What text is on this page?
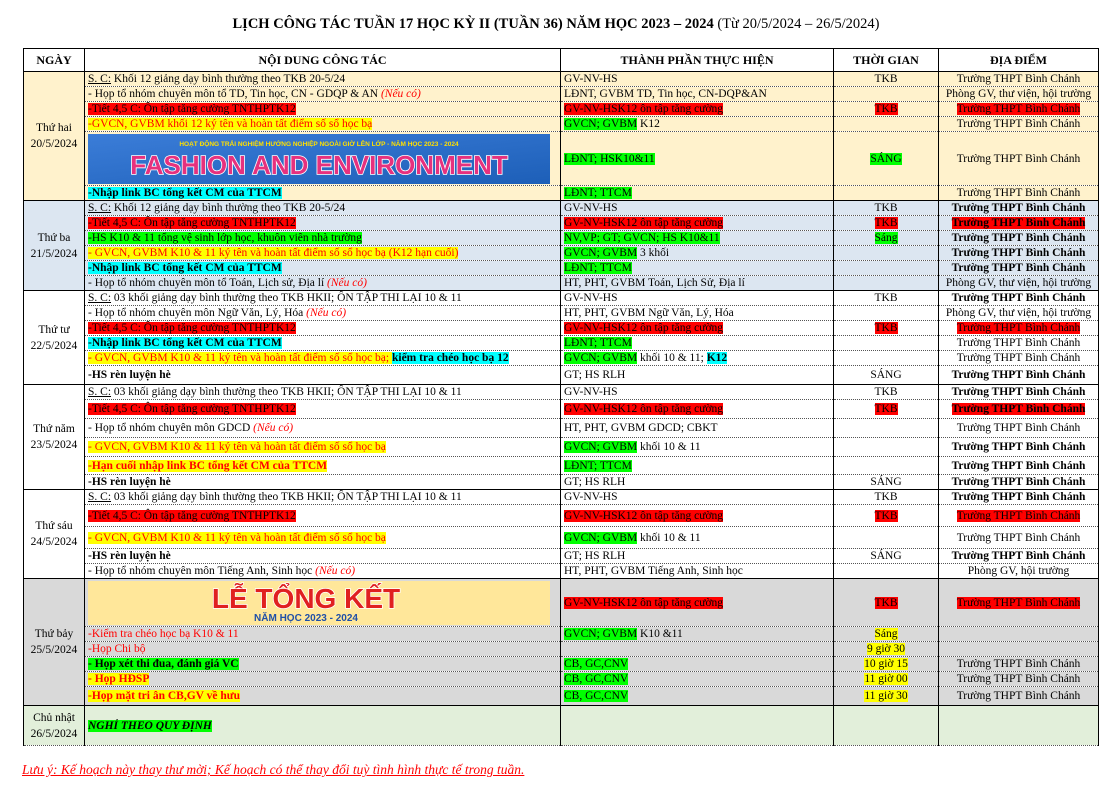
LỊCH CÔNG TÁC TUẦN 17 HỌC KỲ II (TUẦN 36) NĂM HỌC 2023 – 2024 (Từ 20/5/2024 – 26/5/2024)
NGÀY	NỘI DUNG CÔNG TÁC	THÀNH PHẦN THỰC HIỆN	THỜI GIAN	ĐỊA ĐIỂM
Thứ hai
20/5/2024	S. C: Khối 12 giảng dạy bình thường theo TKB 20-5/24	GV-NV-HS	TKB	Trường THPT Bình Chánh
	- Họp tổ nhóm chuyên môn tổ TD, Tin học, CN - GDQP & AN (Nếu có)	LĐNT, GVBM TD, Tin học, CN-DQP&AN		Phòng GV, thư viện, hội trường
	-Tiết 4,5 C: Ôn tập tăng cường TNTHPTK12	GV-NV-HSK12 ôn tập tăng cường	TKB	Trường THPT Bình Chánh
	-GVCN, GVBM khối 12 ký tên và hoàn tất điểm số sổ học bạ	GVCN; GVBM K12		Trường THPT Bình Chánh

HOẠT ĐỘNG TRẢI NGHIỆM HƯỚNG NGHIỆP NGOÀI GIỜ LÊN LỚP - NĂM HỌC 2023 - 2024
FASHION AND ENVIRONMENT	LĐNT; HSK10&11	SÁNG	Trường THPT Bình Chánh
	-Nhập link BC tổng kết CM của TTCM	LĐNT; TTCM		Trường THPT Bình Chánh
Thứ ba
21/5/2024	S. C: Khối 12 giảng dạy bình thường theo TKB 20-5/24	GV-NV-HS	TKB	Trường THPT Bình Chánh
	-Tiết 4,5 C: Ôn tập tăng cường TNTHPTK12	GV-NV-HSK12 ôn tập tăng cường	TKB	Trường THPT Bình Chánh
	-HS K10 & 11 tổng vệ sinh lớp học, khuôn viên nhà trường	NV,VP; GT; GVCN; HS K10&11	Sáng	Trường THPT Bình Chánh
	- GVCN, GVBM K10 & 11 ký tên và hoàn tất điểm số sổ học bạ (K12 hạn cuối)	GVCN; GVBM 3 khối		Trường THPT Bình Chánh
	-Nhập link BC tổng kết CM của TTCM	LĐNT; TTCM		Trường THPT Bình Chánh
	- Họp tổ nhóm chuyên môn tổ Toán, Lịch sử, Địa lí (Nếu có)	HT, PHT, GVBM Toán, Lịch Sử, Địa lí		Phòng GV, thư viện, hội trường
Thứ tư
22/5/2024	S. C: 03 khối giảng dạy bình thường theo TKB HKII; ÔN TẬP THI LẠI 10 & 11	GV-NV-HS	TKB	Trường THPT Bình Chánh
	- Họp tổ nhóm chuyên môn Ngữ Văn, Lý, Hóa (Nếu có)	HT, PHT, GVBM Ngữ Văn, Lý, Hóa		Phòng GV, thư viện, hội trường
	-Tiết 4,5 C: Ôn tập tăng cường TNTHPTK12	GV-NV-HSK12 ôn tập tăng cường	TKB	Trường THPT Bình Chánh
	-Nhập link BC tổng kết CM của TTCM	LĐNT; TTCM		Trường THPT Bình Chánh
	- GVCN, GVBM K10 & 11 ký tên và hoàn tất điểm số sổ học bạ; kiểm tra chéo học bạ 12	GVCN; GVBM khối 10 & 11; K12		Trường THPT Bình Chánh
	-HS rèn luyện hè	GT; HS RLH	SÁNG	Trường THPT Bình Chánh
Thứ năm
23/5/2024	S. C: 03 khối giảng dạy bình thường theo TKB HKII; ÔN TẬP THI LẠI 10 & 11	GV-NV-HS	TKB	Trường THPT Bình Chánh
	-Tiết 4,5 C: Ôn tập tăng cường TNTHPTK12	GV-NV-HSK12 ôn tập tăng cường	TKB	Trường THPT Bình Chánh
	- Họp tổ nhóm chuyên môn GDCD (Nếu có)	HT, PHT, GVBM GDCD; CBKT		Trường THPT Bình Chánh
	- GVCN, GVBM K10 & 11 ký tên và hoàn tất điểm số sổ học bạ	GVCN; GVBM khối 10 & 11		Trường THPT Bình Chánh
	-Hạn cuối nhập link BC tổng kết CM của TTCM	LĐNT; TTCM		Trường THPT Bình Chánh
	-HS rèn luyện hè	GT; HS RLH	SÁNG	Trường THPT Bình Chánh
Thứ sáu
24/5/2024	S. C: 03 khối giảng dạy bình thường theo TKB HKII; ÔN TẬP THI LẠI 10 & 11	GV-NV-HS	TKB	Trường THPT Bình Chánh
	-Tiết 4,5 C: Ôn tập tăng cường TNTHPTK12	GV-NV-HSK12 ôn tập tăng cường	TKB	Trường THPT Bình Chánh
	- GVCN, GVBM K10 & 11 ký tên và hoàn tất điểm số sổ học bạ	GVCN; GVBM khối 10 & 11		Trường THPT Bình Chánh
	-HS rèn luyện hè	GT; HS RLH	SÁNG	Trường THPT Bình Chánh
	- Họp tổ nhóm chuyên môn Tiếng Anh, Sinh học (Nếu có)	HT, PHT, GVBM Tiếng Anh, Sinh học		Phòng GV, hội trường
Thứ bảy
25/5/2024	LỄ TỔNG KẾT
NĂM HỌC 2023 - 2024	GV-NV-HSK12 ôn tập tăng cường	TKB	Trường THPT Bình Chánh
	-Kiểm tra chéo học bạ K10 & 11	GVCN; GVBM K10 &11	Sáng	
	-Họp Chi bộ		9 giờ 30	
	- Họp xét thi đua, đánh giá VC	CB, GC,CNV	10 giờ 15	Trường THPT Bình Chánh
	- Họp HĐSP	CB, GC,CNV	11 giờ 00	Trường THPT Bình Chánh
	-Họp mặt tri ân CB,GV về hưu	CB, GC,CNV	11 giờ 30	Trường THPT Bình Chánh
Chủ nhật
26/5/2024	NGHỈ THEO QUY ĐỊNH			
Lưu ý: Kế hoạch này thay thư mời; Kế hoạch có thể thay đổi tuỳ tình hình thực tế trong tuần.
